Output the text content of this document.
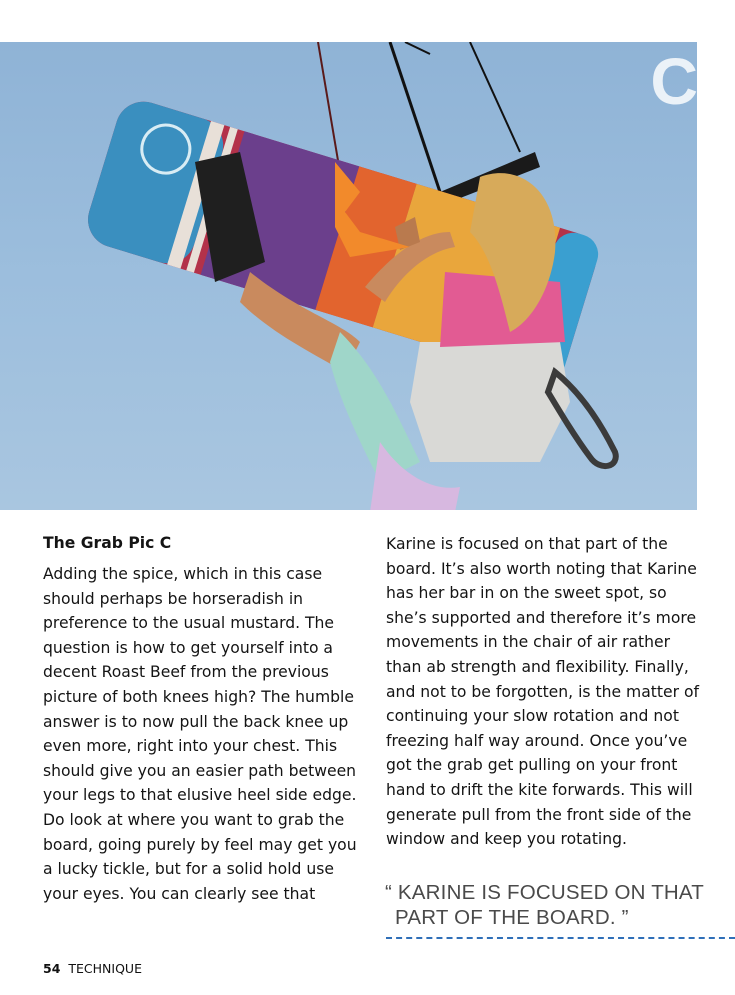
C
The Grab Pic C
Adding the spice, which in this case should perhaps be horseradish in preference to the usual mustard. The question is how to get yourself into a decent Roast Beef from the previous picture of both knees high? The humble answer is to now pull the back knee up even more, right into your chest. This should give you an easier path between your legs to that elusive heel side edge. Do look at where you want to grab the board, going purely by feel may get you a lucky tickle, but for a solid hold use your eyes. You can clearly see that
Karine is focused on that part of the board. It’s also worth noting that Karine has her bar in on the sweet spot, so she’s supported and therefore it’s more movements in the chair of air rather than ab strength and flexibility. Finally, and not to be forgotten, is the matter of continuing your slow rotation and not freezing half way around. Once you’ve got the grab get pulling on your front hand to drift the kite forwards. This will generate pull from the front side of the window and keep you rotating.
“ KARINE IS FOCUSED ON THAT
PART OF THE BOARD. ”
54 TECHNIQUE
